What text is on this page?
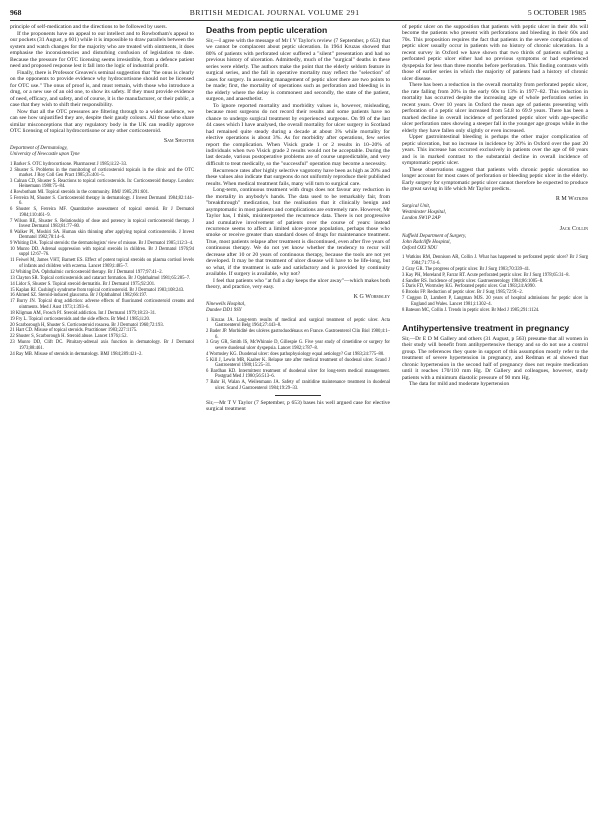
968	BRITISH MEDICAL JOURNAL VOLUME 291	5 OCTOBER 1985

principle of self-medication and the directions to be followed by users.

If the proponents have an appeal to our intellect and to Rowbotham's appeal to our pockets (31 August, p 601) while it is impossible to draw parallels between the system and watch changes for the majority who are treated with ointments, it does emphasise the inconsistencies and disturbing confusion of legislation to date. Because the pressure for OTC licensing seems irresistible, from a defence patient need and proposed response lest it fall into the logic of industrial profit.

Finally, there is Professor Greaves's seminal suggestion that "the onus is clearly on the opponents to provide evidence why hydrocortisone should not be licensed for OTC use." The onus of proof is, and must remain, with those who introduce a drug, or a new use of an old one, to show its safety. If they must provide evidence of need, efficacy, and safety, and of course, it is the manufacturer, or their public, a case that they wish to shift their responsibility.

Now that all the OTC pressures are filtering through to a wider audience, we can see how unjustified they are, despite their gaudy colours. All those who share similar misconceptions that any regulatory body in the UK can readily approve OTC licensing of topical hydrocortisone or any other corticosteroid.

Sam Shuster
Department of Dermatology,
University of Newcastle upon Tyne
1 Barker S. OTC hydrocortisone. Pharmaceut J 1985;ii:22–33.
2 Shuster S. Problems in the monitoring of corticosteroid topicals in the clinic and the OTC market. J Roy Coll Gen Pract 1985;35:401–5.
3 Calnan CD, Shuster S. Reactions to topical corticosteroids. In: Corticosteroid therapy. London: Heinemann 1980:75–84.
4 Rowbotham MI. Topical steroids in the community. BMJ 1985;291:601.
5 Ferreira M, Shuster S. Corticosteroid therapy in dermatology. J Invest Dermatol 1984;82:144–6.
6 Shuster S, Ferreira MF. Quantitative assessment of topical steroid. Br J Dermatol 1984;110:461–9.
7 Wilson RE, Shuster S. Relationship of dose and potency in topical corticosteroid therapy. J Invest Dermatol 1983;81:77–80.
8 Walker PI, Moshiri SA. Human skin thinning after applying topical corticosteroids. J Invest Dermatol 1982;78:14–6.
9 Whiting DA. Topical steroids: the dermatologists' view of misuse. Br J Dermatol 1985;112:3–4.
10 Munro DD. Adrenal suppression with topical steroids in children. Br J Dermatol 1976;94 suppl 12:67–76.
11 Feiwel M, James VHT, Barnett ES. Effect of potent topical steroids on plasma cortisol levels of infants and children with eczema. Lancet 1969;i:485–7.
12 Whiting DA. Ophthalmic corticosteroid therapy. Br J Dermatol 1977;97:41–2.
13 Clayton SR. Topical corticosteroids and cataract formation. Br J Ophthalmol 1981;65:285–7.
14 Lidor S, Shuster S. Topical steroid dermatitis. Br J Dermatol 1975;92:201.
15 Kaplan RJ. Cushing's syndrome from topical corticosteroid. Br J Dermatol 1983;108:243.
16 Ahmed SZ. Steroid-induced glaucoma. Br J Ophthalmol 1982;66:197.
17 Burry JN. Topical drug addiction: adverse effects of fluorinated corticosteroid creams and ointments. Med J Aust 1973;1:393–6.
18 Kligman AM, Frosch PJ. Steroid addiction. Int J Dermatol 1979;18:23–31.
19 Fry L. Topical corticosteroids and the side effects. Br Med J 1985;ii:20.
20 Scarborough H, Shuster S. Corticosteroid rosacea. Br J Dermatol 1960;72:193.
21 Hart CD. Misuse of topical steroids. Practitioner 1983;227:1175.
22 Shuster S, Scarborough H. Steroid abuse. Lancet 1976;i:52.
23 Munro DD, Clift DC. Pituitary-adrenal axis function in dermatology. Br J Dermatol 1973;88:461.
24 Ray MB. Misuse of steroids in dermatology. BMJ 1984;289:421–2.
Deaths from peptic ulceration

Sir,—I agree with the message of Mr I V Taylor's review (7 September, p 653) that we cannot be complacent about peptic ulceration. In 1964 Kruzas showed that 80% of patients with perforated ulcer suffered a "silent" presentation and had no previous history of ulceration. Admittedly, much of the "surgical" deaths in these series were elderly. The authors make the point that the elderly seldom feature in surgical series, and the fall in operative mortality may reflect the "selection" of cases for surgery. In assessing management of peptic ulcer there are two points to be made; first, the mortality of operations such as perforation and bleeding is in the elderly where the delay is commonest and secondly, the state of the patient, surgeon, and anaesthetist.

To ignore reported mortality and morbidity values is, however, misleading, because most surgeons do not record their results and some patients have no chance to undergo surgical treatment by experienced surgeons. On 99 of the last 44 cases which I have analysed, the overall mortality for ulcer surgery in Scotland had remained quite steady during a decade at about 3% while mortality for elective operations is about 3%. As for morbidity after operations, few series report the complication. When Visick grade 1 or 2 results in 10–20% of individuals when two Visick grade 2 results would not be acceptable. During the last decade, various postoperative problems are of course unpredictable, and very difficult to treat medically, so the "successful" operation may become a necessity.

Recurrence rates after highly selective vagotomy have been as high as 20% and these values also indicate that surgeons do not uniformly reproduce their published results. When medical treatment fails, many will turn to surgical care.

Long-term, continuous treatment with drugs does not favour any reduction in the mortality in anybody's hands. The data used to be remarkably fair, from "breakthrough" medication, but the realisation that it clinically benign and asymptomatic in most patients and complications are extremely rare. However, Mr Taylor has, I think, misinterpreted the recurrence data. There is not progressive and cumulative involvement of patients over the course of years: instead recurrence seems to affect a limited ulcer-prone population, perhaps those who smoke or receive greater than standard doses of drugs for maintenance treatment. True, most patients relapse after treatment is discontinued, even after five years of continuous therapy. We do not yet know whether the tendency to recur will decrease after 10 or 20 years of continuous therapy, because the tools are not yet developed. It may be that treatment of ulcer disease will have to be life-long, but so what, if the treatment is safe and satisfactory and is provided by continuity available. If surgery is available, why not?

I feel that patients who "at full a day keeps the ulcer away"—which makes both theory, and practice, very easy.

K G Wormsley
Ninewells Hospital,
Dundee DD1 9SY
1 Kruzas JA. Long-term results of medical and surgical treatment of peptic ulcer. Acta Gastroenterol Belg 1964;27:443–8.
2 Bader JP. Morbidité des ulcères gastroduodénaux en France. Gastroenterol Clin Biol 1980;4:1–6.
3 Gray GR, Smith IS, McWhinnie D, Gillespie G. Five year study of cimetidine or surgery for severe duodenal ulcer dyspepsia. Lancet 1982;i:787–8.
4 Wormsley KG. Duodenal ulcer: does pathophysiology equal aetiology? Gut 1983;24:775–80.
5 Kill J, Lewin MR, Kaaber K. Relapse rate after medical treatment of duodenal ulcer. Scand J Gastroenterol 1980;15:25–31.
6 Bardhan KD. Intermittent treatment of duodenal ulcer for long-term medical management. Postgrad Med J 1980;56:513–6.
7 Bahr H, Walan A, Weilenmann JA. Safety of ranitidine maintenance treatment in duodenal ulcer. Scand J Gastroenterol 1984;19:29–33.

Sir,—Mr T V Taylor (7 September, p 653) bases his well argued case for elective surgical treatment

of peptic ulcer on the supposition that patients with peptic ulcer in their 40s will become the patients who present with perforations and bleeding in their 60s and 70s. This proposition requires the fact that patients in the severe complications of peptic ulcer usually occur in patients with no history of chronic ulceration. In a recent survey in Oxford we have shown that two thirds of patients suffering a perforated peptic ulcer either had no previous symptoms or had experienced dyspepsia for less than three months before perforation. This finding contrasts with those of earlier series in which the majority of patients had a history of chronic ulcer disease.

There has been a reduction in the overall mortality from perforated peptic ulcer, the rate falling from 20% in the early 60s to 13% in 1977–82. This reduction in mortality has occurred despite the increasing age of whole perforation series in recent years. Over 10 years in Oxford the mean age of patients presenting with perforation of a peptic ulcer increased from 54.8 to 69.9 years. There has been a marked decline in overall incidence of perforated peptic ulcer with age-specific ulcer perforation rates showing a steeper fall in the younger age groups while in the elderly they have fallen only slightly or even increased.

Upper gastrointestinal bleeding is perhaps the other major complication of peptic ulceration, but no increase in incidence by 20% in Oxford over the past 20 years. This increase has occurred exclusively in patients over the age of 60 years and is in marked contrast to the substantial decline in overall incidence of symptomatic peptic ulcer.

These observations suggest that patients with chronic peptic ulceration no longer account for most cases of perforation or bleeding peptic ulcer in the elderly. Early surgery for symptomatic peptic ulcer cannot therefore be expected to produce the great saving in life which Mr Taylor predicts.

R M Watkins
Surgical Unit,
Westminster Hospital,
London SW1P 2AP
Jack Collin
Nuffield Department of Surgery,
John Radcliffe Hospital,
Oxford OX3 9DU
1 Watkins RM, Dennison AR, Collin J. What has happened to perforated peptic ulcer? Br J Surg 1984;71:774–6.
2 Gray GR. The progress of peptic ulcer. Br J Surg 1983;70:339–41.
3 Kay PH, Moreland P, Farrar RT. Acute perforated peptic ulcer. Br J Surg 1978;65:31–8.
4 Sandler RS. Incidence of peptic ulcer. Gastroenterology 1984;86:1005–8.
5 Daris FD, Wormsley KG. Perforated peptic ulcer. Gut 1983;24:A990.
6 Brooks FP. Reduction of peptic ulcer. Br J Surg 1985;72:91–2.
7 Coggon D, Lambert P, Langman MJS. 20 years of hospital admissions for peptic ulcer in England and Wales. Lancet 1981;i:1302–4.
8 Bateson MC, Collin J. Trends in peptic ulcer. Br Med J 1985;291:1124.
Antihypertensive treatment in pregnancy

Sir,—Dr E D M Gallery and others (31 August, p 563) presume that all women in their study will benefit from antihypertensive therapy and so do not use a control group. The references they quote in support of this assumption mostly refer to the treatment of severe hypertension in pregnancy, and Redman et al showed that chronic hypertension in the second half of pregnancy does not require medication until it reaches 170/110 mm Hg. Dr Gallery and colleagues, however, study patients with a minimum diastolic pressure of 90 mm Hg.

The data for mild and moderate hypertension
